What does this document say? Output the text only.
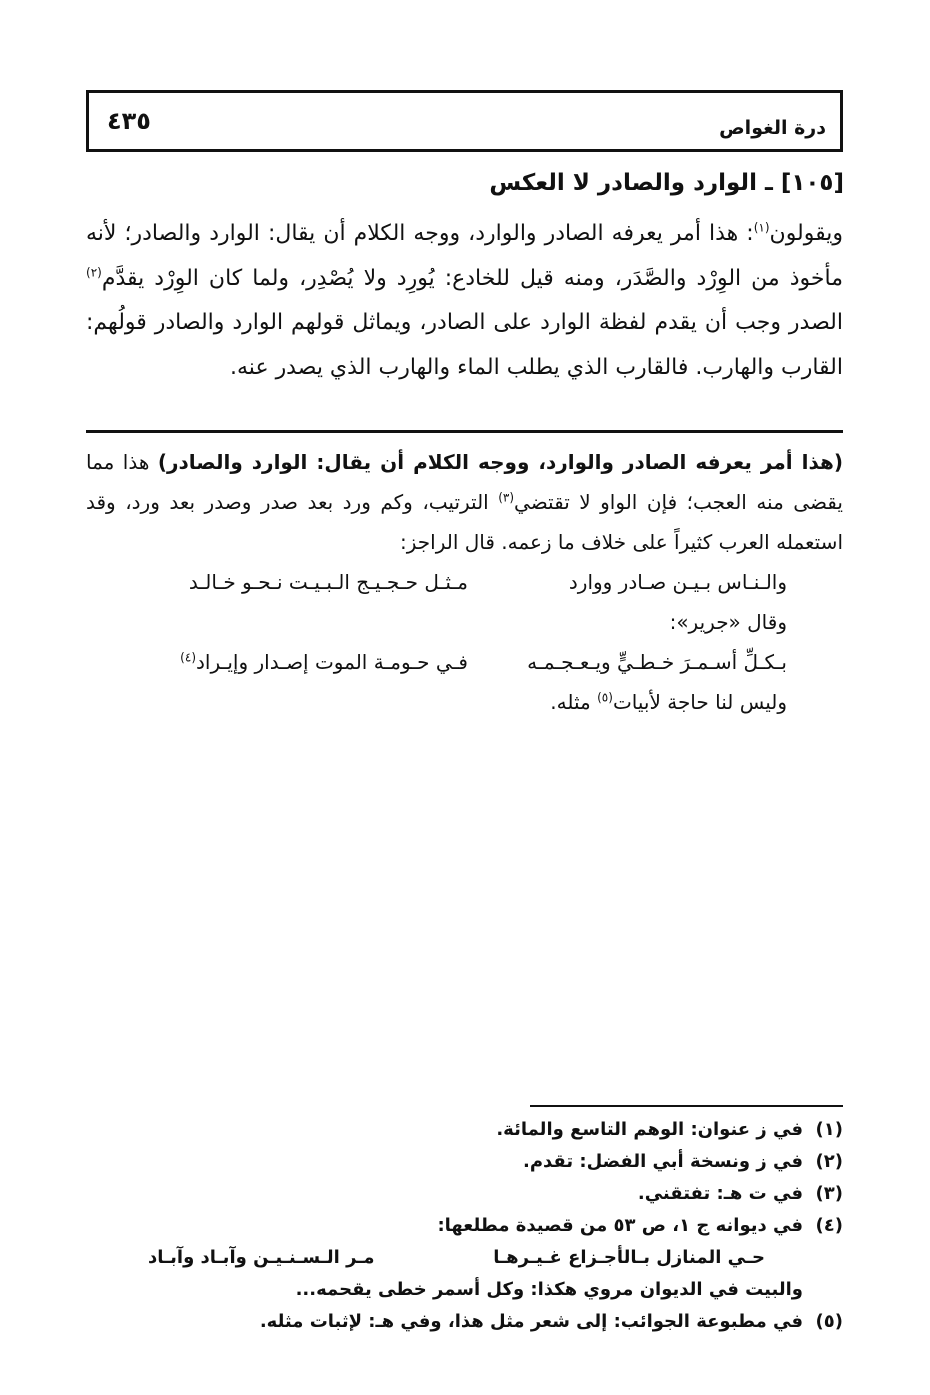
درة الغواص
٤٣٥
[١٠٥] ـ الوارد والصادر لا العكس

ويقولون$^{(١)}$: هذا أمر يعرفه الصادر والوارد، ووجه الكلام أن يقال: الوارد والصادر؛ لأنه مأخوذ من الوِرْد والصَّدَر، ومنه قيل للخادع: يُورِد ولا يُصْدِر، ولما كان الوِرْد يقدَّم$^{(٢)}$ الصدر وجب أن يقدم لفظة الوارد على الصادر، ويماثل قولهم الوارد والصادر قولُهم: القارب والهارب. فالقارب الذي يطلب الماء والهارب الذي يصدر عنه.

(هذا أمر يعرفه الصادر والوارد، ووجه الكلام أن يقال: الوارد والصادر) هذا مما يقضى منه العجب؛ فإن الواو لا تقتضي$^{(٣)}$ الترتيب، وكم ورد بعد صدر وصدر بعد ورد، وقد استعمله العرب كثيراً على خلاف ما زعمه. قال الراجز:

والـنـاس بـيـن صـادر ووارد
مـثـل حـجـيـج الـبـيـت نـحـو خـالـد
وقال «جرير»:
بـكـلِّ أسـمـرَ خـطـيٍّ ويـعـجـمـه
فـي حـومـة الموت إصـدار وإيـراد$^{(٤)}$
وليس لنا حاجة لأبيات$^{(٥)}$ مثله.
(١)في ز عنوان: الوهم التاسع والمائة.
(٢)في ز ونسخة أبي الفضل: تقدم.
(٣)في ت هـ: تفتقني.
(٤)في ديوانه ج ١، ص ٥٣ من قصيدة مطلعها:
حـي المنازل بـالأجـزاع غـيـرهـا
مـر الـسـنـيـن وآبـاد وآبـاد
والبيت في الديوان مروي هكذا: وكل أسمر خطى يقحمه...
(٥)في مطبوعة الجوائب: إلى شعر مثل هذا، وفي هـ: لإثبات مثله.
